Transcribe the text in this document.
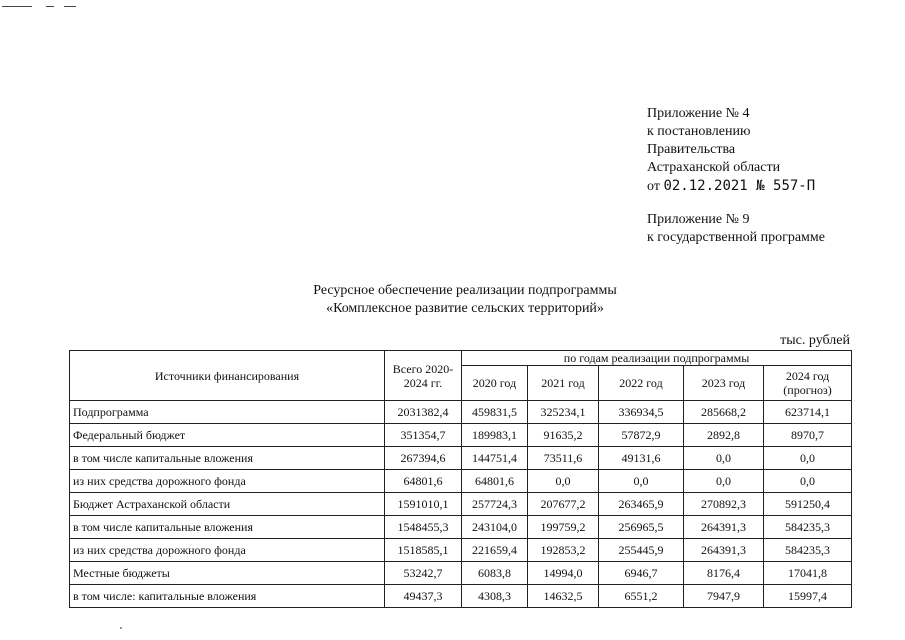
Приложение № 4
к постановлению
Правительства
Астраханской области
от 02.12.2021 № 557-П
Приложение № 9
к государственной программе
Ресурсное обеспечение реализации подпрограммы
«Комплексное развитие сельских территорий»
тыс. рублей
Источники финансирования	Всего 2020-2024 гг.	по годам реализации подпрограммы				
		2020 год	2021 год	2022 год	2023 год	2024 год (прогноз)
Подпрограмма	2031382,4	459831,5	325234,1	336934,5	285668,2	623714,1
Федеральный бюджет	351354,7	189983,1	91635,2	57872,9	2892,8	8970,7
в том числе капитальные вложения	267394,6	144751,4	73511,6	49131,6	0,0	0,0
из них средства дорожного фонда	64801,6	64801,6	0,0	0,0	0,0	0,0
Бюджет Астраханской области	1591010,1	257724,3	207677,2	263465,9	270892,3	591250,4
в том числе капитальные вложения	1548455,3	243104,0	199759,2	256965,5	264391,3	584235,3
из них средства дорожного фонда	1518585,1	221659,4	192853,2	255445,9	264391,3	584235,3
Местные бюджеты	53242,7	6083,8	14994,0	6946,7	8176,4	17041,8
в том числе: капитальные вложения	49437,3	4308,3	14632,5	6551,2	7947,9	15997,4
